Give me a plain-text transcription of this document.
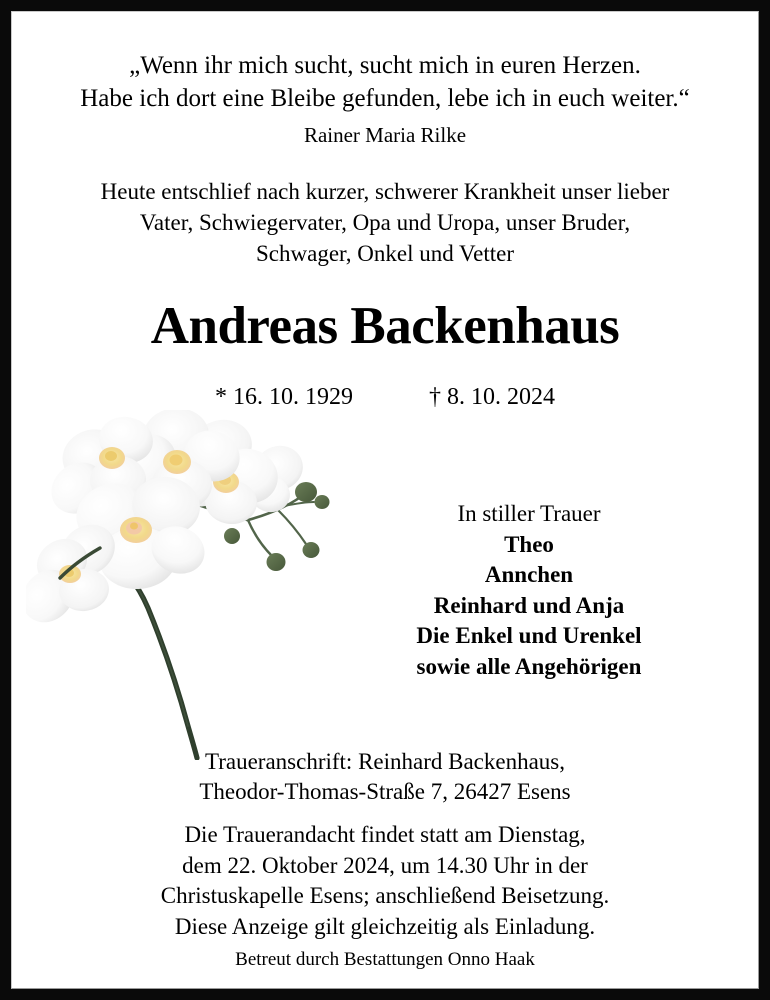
„Wenn ihr mich sucht, sucht mich in euren Herzen.
Habe ich dort eine Bleibe gefunden, lebe ich in euch weiter.“
Rainer Maria Rilke
Heute entschlief nach kurzer, schwerer Krankheit unser lieber
Vater, Schwiegervater, Opa und Uropa, unser Bruder,
Schwager, Onkel und Vetter
Andreas Backenhaus
* 16. 10. 1929	† 8. 10. 2024
In stiller Trauer
Theo
Annchen
Reinhard und Anja
Die Enkel und Urenkel
sowie alle Angehörigen
Traueranschrift: Reinhard Backenhaus,
Theodor-Thomas-Straße 7, 26427 Esens
Die Trauerandacht findet statt am Dienstag,
dem 22. Oktober 2024, um 14.30 Uhr in der
Christuskapelle Esens; anschließend Beisetzung.
Diese Anzeige gilt gleichzeitig als Einladung.
Betreut durch Bestattungen Onno Haak
